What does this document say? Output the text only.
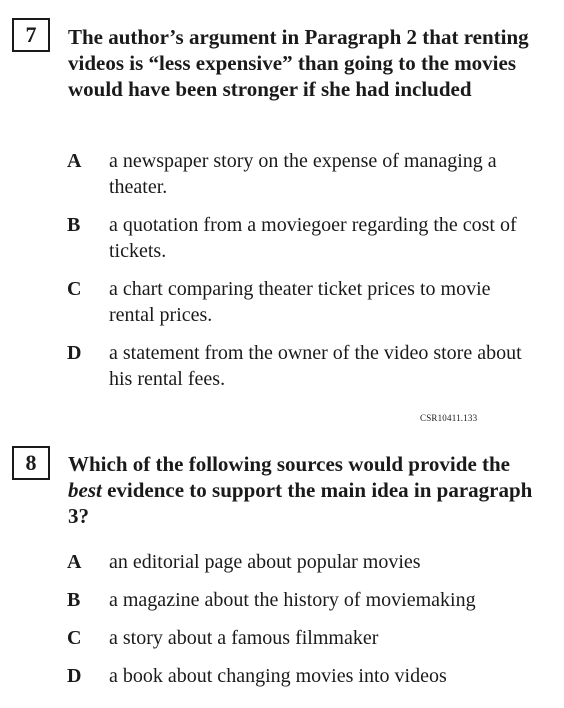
7	The author’s argument in Paragraph 2 that renting videos is “less expensive” than going to the movies would have been stronger if she had included
A a newspaper story on the expense of managing a theater.
B a quotation from a moviegoer regarding the cost of tickets.
C a chart comparing theater ticket prices to movie rental prices.
D a statement from the owner of the video store about his rental fees.
CSR10411.133
8	Which of the following sources would provide the best evidence to support the main idea in paragraph 3?
A an editorial page about popular movies
B a magazine about the history of moviemaking
C a story about a famous filmmaker
D a book about changing movies into videos
